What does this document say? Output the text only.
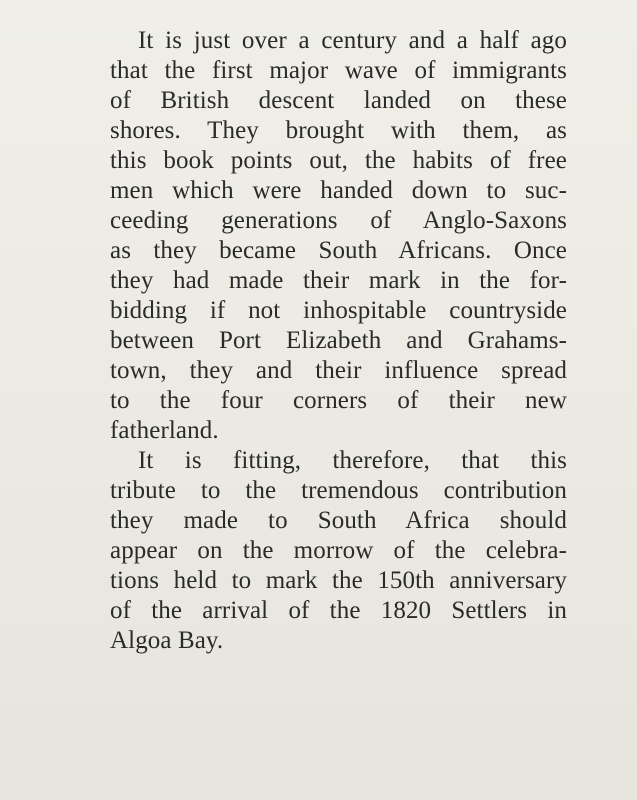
It is just over a century and a half ago
that the first major wave of immigrants
of British descent landed on these
shores. They brought with them, as
this book points out, the habits of free
men which were handed down to suc-
ceeding generations of Anglo-Saxons
as they became South Africans. Once
they had made their mark in the for-
bidding if not inhospitable countryside
between Port Elizabeth and Grahams-
town, they and their influence spread
to the four corners of their new
fatherland.
It is fitting, therefore, that this
tribute to the tremendous contribution
they made to South Africa should
appear on the morrow of the celebra-
tions held to mark the 150th anniversary
of the arrival of the 1820 Settlers in
Algoa Bay.
